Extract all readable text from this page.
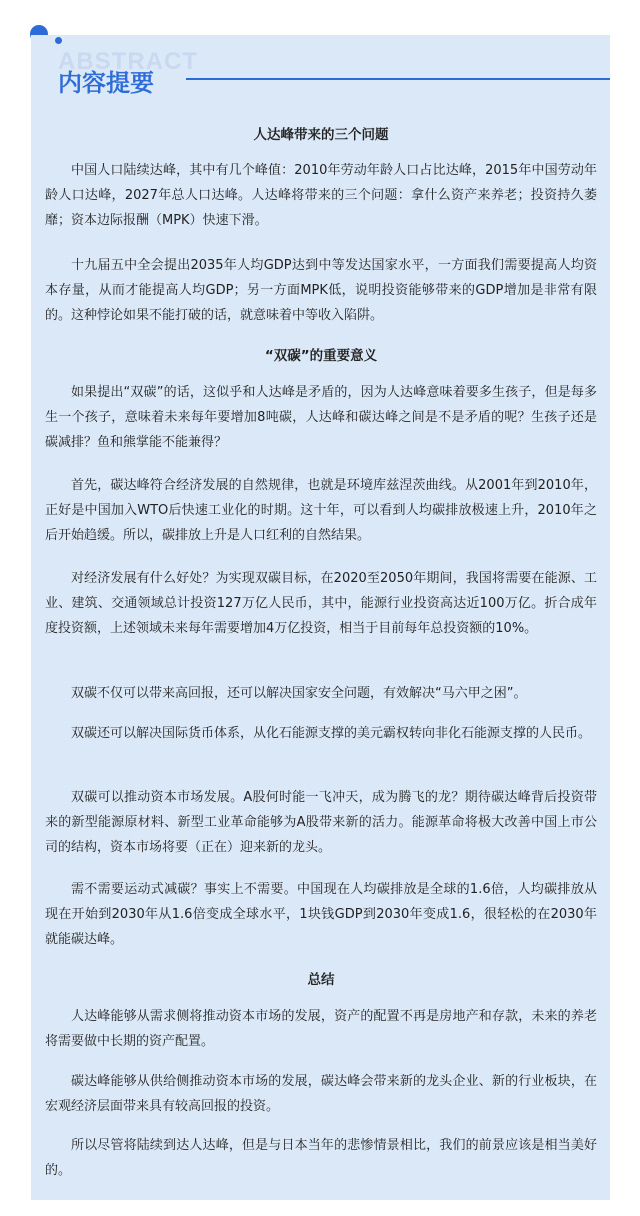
ABSTRACT
内容提要
人达峰带来的三个问题

中国人口陆续达峰，其中有几个峰值：2010年劳动年龄人口占比达峰，2015年中国劳动年龄人口达峰，2027年总人口达峰。人达峰将带来的三个问题：拿什么资产来养老；投资持久萎靡；资本边际报酬（MPK）快速下滑。

十九届五中全会提出2035年人均GDP达到中等发达国家水平，一方面我们需要提高人均资本存量，从而才能提高人均GDP；另一方面MPK低，说明投资能够带来的GDP增加是非常有限的。这种悖论如果不能打破的话，就意味着中等收入陷阱。

“双碳”的重要意义

如果提出“双碳”的话，这似乎和人达峰是矛盾的，因为人达峰意味着要多生孩子，但是每多生一个孩子，意味着未来每年要增加8吨碳，人达峰和碳达峰之间是不是矛盾的呢？生孩子还是碳减排？鱼和熊掌能不能兼得？

首先，碳达峰符合经济发展的自然规律，也就是环境库兹涅茨曲线。从2001年到2010年，正好是中国加入WTO后快速工业化的时期。这十年，可以看到人均碳排放极速上升，2010年之后开始趋缓。所以，碳排放上升是人口红利的自然结果。

对经济发展有什么好处？为实现双碳目标，在2020至2050年期间，我国将需要在能源、工业、建筑、交通领域总计投资127万亿人民币，其中，能源行业投资高达近100万亿。折合成年度投资额，上述领域未来每年需要增加4万亿投资，相当于目前每年总投资额的10%。

双碳不仅可以带来高回报，还可以解决国家安全问题，有效解决“马六甲之困”。

双碳还可以解决国际货币体系，从化石能源支撑的美元霸权转向非化石能源支撑的人民币。

双碳可以推动资本市场发展。A股何时能一飞冲天，成为腾飞的龙？期待碳达峰背后投资带来的新型能源原材料、新型工业革命能够为A股带来新的活力。能源革命将极大改善中国上市公司的结构，资本市场将要（正在）迎来新的龙头。

需不需要运动式减碳？事实上不需要。中国现在人均碳排放是全球的1.6倍，人均碳排放从现在开始到2030年从1.6倍变成全球水平，1块钱GDP到2030年变成1.6，很轻松的在2030年就能碳达峰。

总结

人达峰能够从需求侧将推动资本市场的发展，资产的配置不再是房地产和存款，未来的养老将需要做中长期的资产配置。

碳达峰能够从供给侧推动资本市场的发展，碳达峰会带来新的龙头企业、新的行业板块，在宏观经济层面带来具有较高回报的投资。

所以尽管将陆续到达人达峰，但是与日本当年的悲惨情景相比，我们的前景应该是相当美好的。
